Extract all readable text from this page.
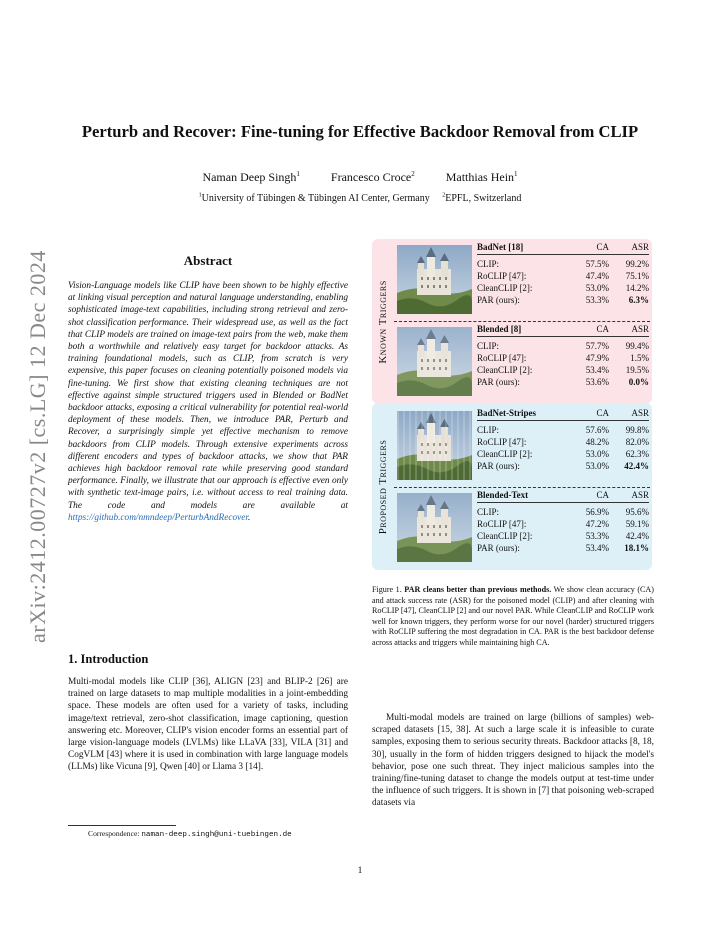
Perturb and Recover: Fine-tuning for Effective Backdoor Removal from CLIP
Naman Deep Singh$^1$	Francesco Croce$^2$	Matthias Hein$^1$
$^1$University of Tübingen & Tübingen AI Center, Germany $^2$EPFL, Switzerland
arXiv:2412.00727v2 [cs.LG] 12 Dec 2024	Abstract
Vision-Language models like CLIP have been shown to be highly effective at linking visual perception and natural language understanding, enabling sophisticated image-text capabilities, including strong retrieval and zero-shot classification performance. Their widespread use, as well as the fact that CLIP models are trained on image-text pairs from the web, make them both a worthwhile and relatively easy target for backdoor attacks. As training foundational models, such as CLIP, from scratch is very expensive, this paper focuses on cleaning potentially poisoned models via fine-tuning. We first show that existing cleaning techniques are not effective against simple structured triggers used in Blended or BadNet backdoor attacks, exposing a critical vulnerability for potential real-world deployment of these models. Then, we introduce PAR, Perturb and Recover, a surprisingly simple yet effective mechanism to remove backdoors from CLIP models. Through extensive experiments across different encoders and types of backdoor attacks, we show that PAR achieves high backdoor removal rate while preserving good standard performance. Finally, we illustrate that our approach is effective even only with synthetic text-image pairs, i.e. without access to real training data. The code and models are available at https://github.com/nmndeep/PerturbAndRecover.
1. Introduction
Multi-modal models like CLIP [36], ALIGN [23] and BLIP-2 [26] are trained on large datasets to map multiple modalities in a joint-embedding space. These models are often used for a variety of tasks, including image/text retrieval, zero-shot classification, image captioning, question answering etc. Moreover, CLIP's vision encoder forms an essential part of large vision-language models (LVLMs) like LLaVA [33], VILA [31] and CogVLM [43] where it is used in combination with large language models (LLMs) like Vicuna [9], Qwen [40] or Llama 3 [14].
Correspondence: naman-deep.singh@uni-tuebingen.de
Known Triggers
Proposed Triggers
BadNet [18]	CA	ASR
CLIP:	57.5%	99.2%
RoCLIP [47]:	47.4%	75.1%
CleanCLIP [2]:	53.0%	14.2%
PAR (ours):	53.3%	6.3%
Blended [8]	CA	ASR
CLIP:	57.7%	99.4%
RoCLIP [47]:	47.9%	1.5%
CleanCLIP [2]:	53.4%	19.5%
PAR (ours):	53.6%	0.0%
BadNet-Stripes	CA	ASR
CLIP:	57.6%	99.8%
RoCLIP [47]:	48.2%	82.0%
CleanCLIP [2]:	53.0%	62.3%
PAR (ours):	53.0%	42.4%
Blended-Text	CA	ASR
CLIP:	56.9%	95.6%
RoCLIP [47]:	47.2%	59.1%
CleanCLIP [2]:	53.3%	42.4%
PAR (ours):	53.4%	18.1%
Figure 1. PAR cleans better than previous methods. We show clean accuracy (CA) and attack success rate (ASR) for the poisoned model (CLIP) and after cleaning with RoCLIP [47], CleanCLIP [2] and our novel PAR. While CleanCLIP and RoCLIP work well for known triggers, they perform worse for our novel (harder) structured triggers with RoCLIP suffering the most degradation in CA. PAR is the best backdoor defense across attacks and triggers while maintaining high CA.
Multi-modal models are trained on large (billions of samples) web-scraped datasets [15, 38]. At such a large scale it is infeasible to curate samples, exposing them to serious security threats. Backdoor attacks [8, 18, 30], usually in the form of hidden triggers designed to hijack the model's behavior, pose one such threat. They inject malicious samples into the training/fine-tuning dataset to change the models output at test-time under the influence of such triggers. It is shown in [7] that poisoning web-scraped datasets via
1
